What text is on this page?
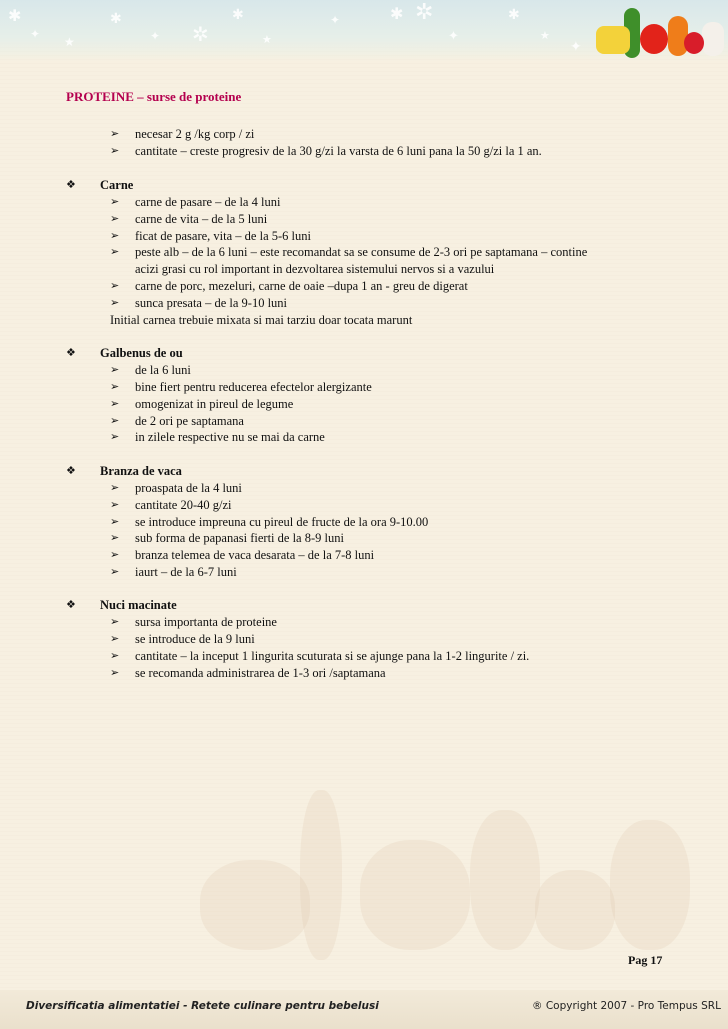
✱
✦
★
✱
✦ ✲
✱
★
✦	✱ ✲
✦
✱
★
✦
PROTEINE – surse de proteine
➢ necesar 2 g /kg corp / zi
➢ cantitate – creste progresiv de la 30 g/zi la varsta de 6 luni pana la 50 g/zi la 1 an.
❖ Carne
➢ carne de pasare – de la 4 luni
➢ carne de vita – de la 5 luni
➢ ficat de pasare, vita – de la 5-6 luni
➢ peste alb – de la 6 luni – este recomandat sa se consume de 2-3 ori pe saptamana – contine
acizi grasi cu rol important in dezvoltarea sistemului nervos si a vazului
➢ carne de porc, mezeluri, carne de oaie –dupa 1 an - greu de digerat
➢ sunca presata – de la 9-10 luni
Initial carnea trebuie mixata si mai tarziu doar tocata marunt
❖ Galbenus de ou
➢ de la 6 luni
➢ bine fiert pentru reducerea efectelor alergizante
➢ omogenizat in pireul de legume
➢ de 2 ori pe saptamana
➢ in zilele respective nu se mai da carne
❖ Branza de vaca
➢ proaspata de la 4 luni
➢ cantitate 20-40 g/zi
➢ se introduce impreuna cu pireul de fructe de la ora 9-10.00
➢ sub forma de papanasi fierti de la 8-9 luni
➢ branza telemea de vaca desarata – de la 7-8 luni
➢ iaurt – de la 6-7 luni
❖ Nuci macinate
➢ sursa importanta de proteine
➢ se introduce de la 9 luni
➢ cantitate – la inceput 1 lingurita scuturata si se ajunge pana la 1-2 lingurite / zi.
➢ se recomanda administrarea de 1-3 ori /saptamana
Pag 17
Diversificatia alimentatiei - Retete culinare pentru bebelusi	® Copyright 2007 - Pro Tempus SRL
